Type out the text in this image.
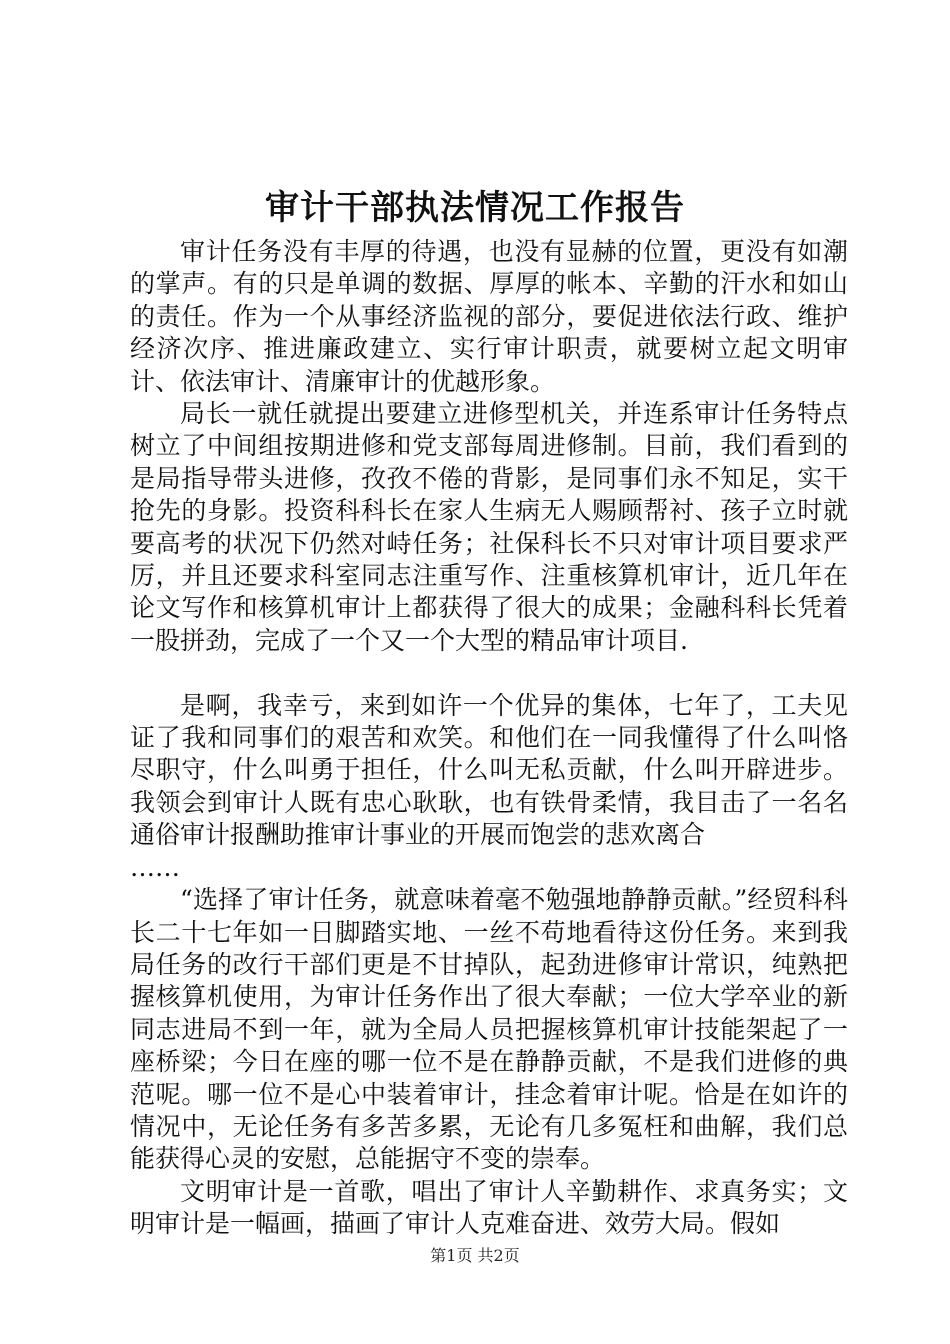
审计干部执法情况工作报告

审计任务没有丰厚的待遇，也没有显赫的位置，更没有如潮的掌声。有的只是单调的数据、厚厚的帐本、辛勤的汗水和如山的责任。作为一个从事经济监视的部分，要促进依法行政、维护经济次序、推进廉政建立、实行审计职责，就要树立起文明审计、依法审计、清廉审计的优越形象。

局长一就任就提出要建立进修型机关，并连系审计任务特点树立了中间组按期进修和党支部每周进修制。目前，我们看到的是局指导带头进修，孜孜不倦的背影，是同事们永不知足，实干抢先的身影。投资科科长在家人生病无人赐顾帮衬、孩子立时就要高考的状况下仍然对峙任务；社保科长不只对审计项目要求严厉，并且还要求科室同志注重写作、注重核算机审计，近几年在论文写作和核算机审计上都获得了很大的成果；金融科科长凭着一股拼劲，完成了一个又一个大型的精品审计项目.

是啊，我幸亏，来到如许一个优异的集体，七年了，工夫见证了我和同事们的艰苦和欢笑。和他们在一同我懂得了什么叫恪尽职守，什么叫勇于担任，什么叫无私贡献，什么叫开辟进步。我领会到审计人既有忠心耿耿，也有铁骨柔情，我目击了一名名通俗审计报酬助推审计事业的开展而饱尝的悲欢离合

……

“选择了审计任务，就意味着毫不勉强地静静贡献。”经贸科科长二十七年如一日脚踏实地、一丝不苟地看待这份任务。来到我局任务的改行干部们更是不甘掉队，起劲进修审计常识，纯熟把握核算机使用，为审计任务作出了很大奉献；一位大学卒业的新同志进局不到一年，就为全局人员把握核算机审计技能架起了一座桥梁；今日在座的哪一位不是在静静贡献，不是我们进修的典范呢。哪一位不是心中装着审计，挂念着审计呢。恰是在如许的情况中，无论任务有多苦多累，无论有几多冤枉和曲解，我们总能获得心灵的安慰，总能据守不变的崇奉。

文明审计是一首歌，唱出了审计人辛勤耕作、求真务实；文明审计是一幅画，描画了审计人克难奋进、效劳大局。假如

第1页 共2页
